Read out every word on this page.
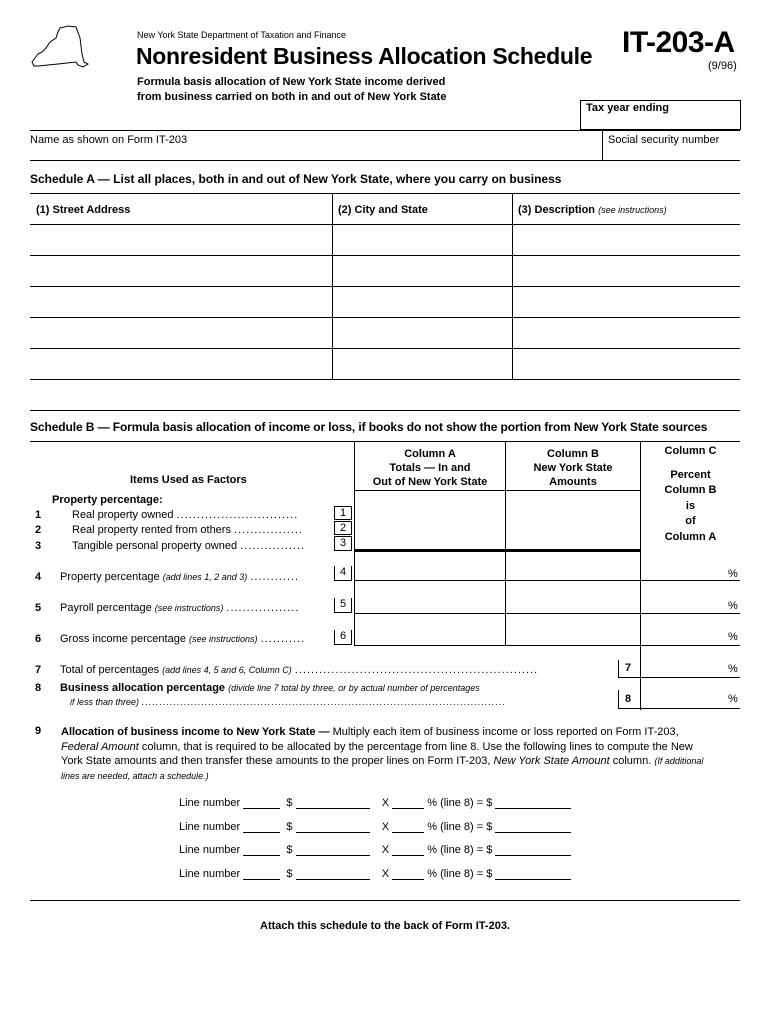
New York State Department of Taxation and Finance
Nonresident Business Allocation Schedule IT-203-A
(9/96)
Formula basis allocation of New York State income derived
from business carried on both in and out of New York State
Tax year ending
Name as shown on Form IT-203	Social security number
Schedule A — List all places, both in and out of New York State, where you carry on business
(1) Street Address	(2) City and State	(3) Description (see instructions)
Schedule B — Formula basis allocation of income or loss, if books do not show the portion from New York State sources
Items Used as Factors
Column A
Totals — In and
Out of New York State
Column B
New York State
Amounts
Column C
Percent
Column B
is
of
Column A
Property percentage:
1	Real property owned ..............................	1
2	Real property rented from others .................	2
3	Tangible personal property owned ................	3
4 Property percentage (add lines 1, 2 and 3) ............	4	%
5 Payroll percentage (see instructions) ..................	5	%
6 Gross income percentage (see instructions) ...........	6	%
7 Total of percentages (add lines 4, 5 and 6, Column C) ............................................................	7	%
8 Business allocation percentage (divide line 7 total by three, or by actual number of percentages
if less than three) ........................................................................................................	8	%
9 Allocation of business income to New York State — Multiply each item of business income or loss reported on Form IT-203,
Federal Amount column, that is required to be allocated by the percentage from line 8. Use the following lines to compute the New
York State amounts and then transfer these amounts to the proper lines on Form IT-203, New York State Amount column. (If additional
lines are needed, attach a schedule.)
Line number	$	X	% (line 8) = $
Line number	$	X	% (line 8) = $
Line number	$	X	% (line 8) = $
Line number	$	X	% (line 8) = $
Attach this schedule to the back of Form IT-203.
